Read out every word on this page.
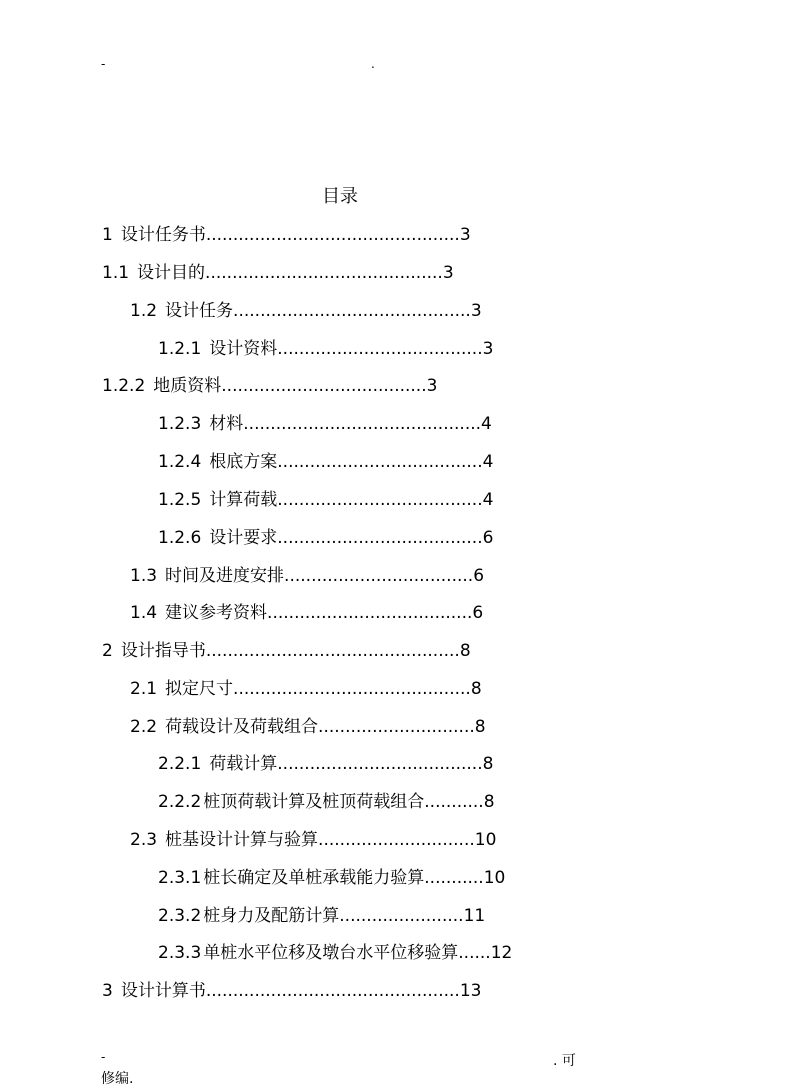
-	.
目录
1 设计任务书...............................................3
1.1 设计目的............................................3
1.2 设计任务............................................3
1.2.1 设计资料......................................3
1.2.2 地质资料......................................3
1.2.3 材料............................................4
1.2.4 根底方案......................................4
1.2.5 计算荷载......................................4
1.2.6 设计要求......................................6
1.3 时间及进度安排...................................6
1.4 建议参考资料......................................6
2 设计指导书...............................................8
2.1 拟定尺寸............................................8
2.2 荷载设计及荷载组合.............................8
2.2.1 荷载计算......................................8
2.2.2 桩顶荷载计算及桩顶荷载组合...........8
2.3 桩基设计计算与验算.............................10
2.3.1 桩长确定及单桩承载能力验算...........10
2.3.2 桩身力及配筋计算.......................11
2.3.3 单桩水平位移及墩台水平位移验算......12
3 设计计算书...............................................13
-	. 可
修编.
